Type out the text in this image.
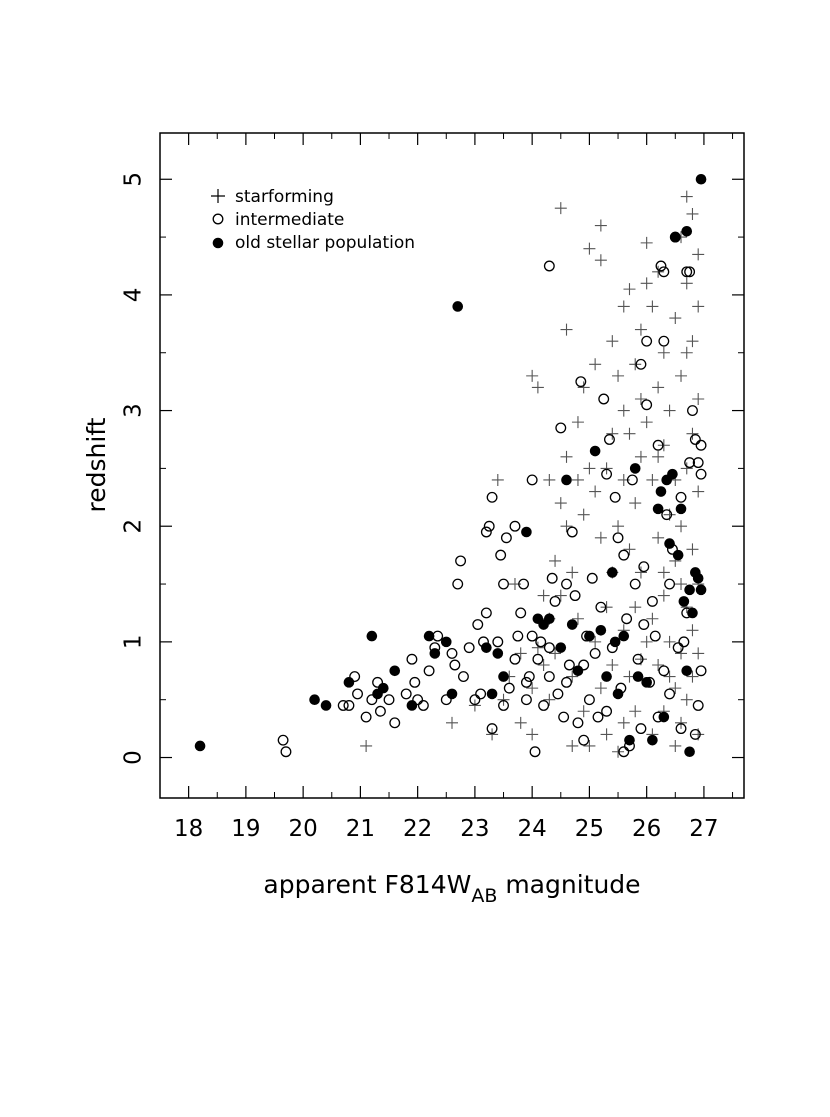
18 19 20 21 22 23 24 25 26 27
0
1
2
3
4
5
redshift
apparent $F814W_{AB}$ magnitude
starforming
intermediate
old stellar population
